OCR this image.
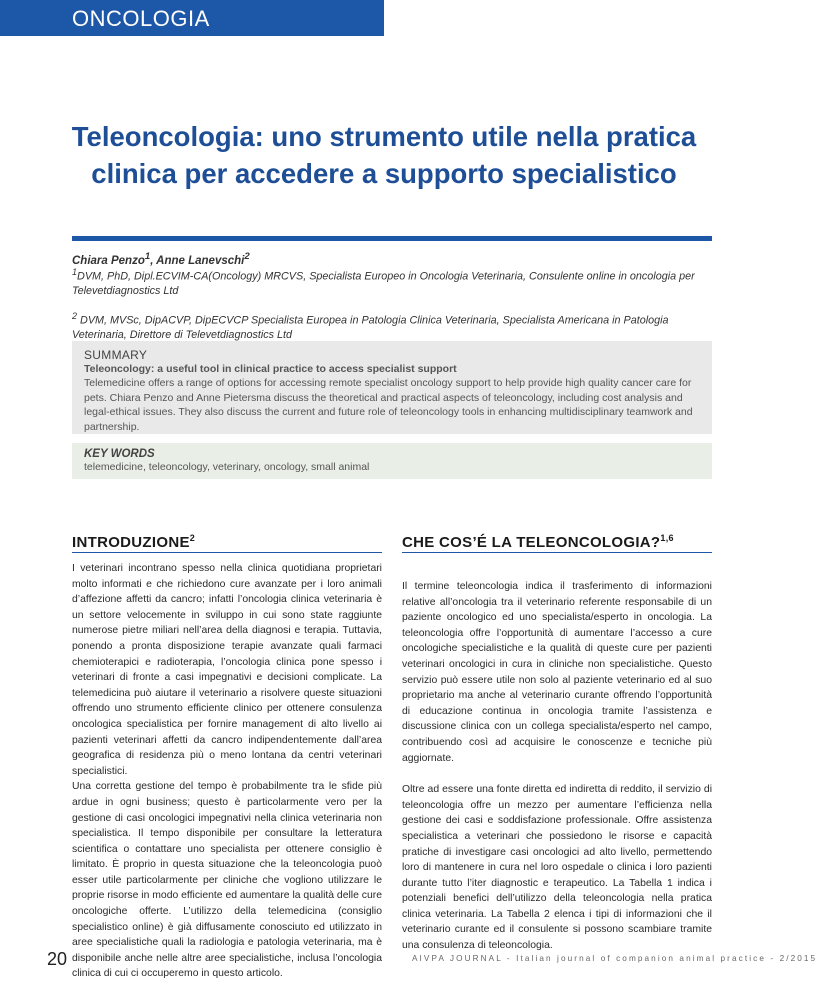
ONCOLOGIA
Teleoncologia: uno strumento utile nella pratica clinica per accedere a supporto specialistico
Chiara Penzo$^1$, Anne Lanevschi$^2$
$^1$DVM, PhD, Dipl.ECVIM-CA(Oncology) MRCVS, Specialista Europeo in Oncologia Veterinaria, Consulente online in oncologia per Televetdiagnostics Ltd
$^2$ DVM, MVSc, DipACVP, DipECVCP Specialista Europea in Patologia Clinica Veterinaria, Specialista Americana in Patologia Veterinaria, Direttore di Televetdiagnostics Ltd
SUMMARY
Teleoncology: a useful tool in clinical practice to access specialist support
Telemedicine offers a range of options for accessing remote specialist oncology support to help provide high quality cancer care for pets. Chiara Penzo and Anne Pietersma discuss the theoretical and practical aspects of teleoncology, including cost analysis and legal-ethical issues. They also discuss the current and future role of teleoncology tools in enhancing multidisciplinary teamwork and partnership.
KEY WORDS
telemedicine, teleoncology, veterinary, oncology, small animal
INTRODUZIONE$^2$

I veterinari incontrano spesso nella clinica quotidiana proprietari molto informati e che richiedono cure avanzate per i loro animali d’affezione affetti da cancro; infatti l’oncologia clinica veterinaria è un settore velocemente in sviluppo in cui sono state raggiunte numerose pietre miliari nell’area della diagnosi e terapia. Tuttavia, ponendo a pronta disposizione terapie avanzate quali farmaci chemioterapici e radioterapia, l’oncologia clinica pone spesso i veterinari di fronte a casi impegnativi e decisioni complicate. La telemedicina può aiutare il veterinario a risolvere queste situazioni offrendo uno strumento efficiente clinico per ottenere consulenza oncologica specialistica per fornire management di alto livello ai pazienti veterinari affetti da cancro indipendentemente dall’area geografica di residenza più o meno lontana da centri veterinari specialistici.

Una corretta gestione del tempo è probabilmente tra le sfide più ardue in ogni business; questo è particolarmente vero per la gestione di casi oncologici impegnativi nella clinica veterinaria non specialistica. Il tempo disponibile per consultare la letteratura scientifica o contattare uno specialista per ottenere consiglio è limitato. È proprio in questa situazione che la teleoncologia puoò esser utile particolarmente per cliniche che vogliono utilizzare le proprie risorse in modo efficiente ed aumentare la qualità delle cure oncologiche offerte. L’utilizzo della telemedicina (consiglio specialistico online) è già diffusamente conosciuto ed utilizzato in aree specialistiche quali la radiologia e patologia veterinaria, ma è disponibile anche nelle altre aree specialistiche, inclusa l’oncologia clinica di cui ci occuperemo in questo articolo.

CHE COS’É LA TELEONCOLOGIA?$^{1,6}$

Il termine teleoncologia indica il trasferimento di informazioni relative all’oncologia tra il veterinario referente responsabile di un paziente oncologico ed uno specialista/esperto in oncologia. La teleoncologia offre l’opportunità di aumentare l’accesso a cure oncologiche specialistiche e la qualità di queste cure per pazienti veterinari oncologici in cura in cliniche non specialistiche. Questo servizio può essere utile non solo al paziente veterinario ed al suo proprietario ma anche al veterinario curante offrendo l’opportunità di educazione continua in oncologia tramite l’assistenza e discussione clinica con un collega specialista/esperto nel campo, contribuendo così ad acquisire le conoscenze e tecniche più aggiornate.

Oltre ad essere una fonte diretta ed indiretta di reddito, il servizio di teleoncologia offre un mezzo per aumentare l’efficienza nella gestione dei casi e soddisfazione professionale. Offre assistenza specialistica a veterinari che possiedono le risorse e capacità pratiche di investigare casi oncologici ad alto livello, permettendo loro di mantenere in cura nel loro ospedale o clinica i loro pazienti durante tutto l’iter diagnostic e terapeutico. La Tabella 1 indica i potenziali benefici dell’utilizzo della teleoncologia nella pratica clinica veterinaria. La Tabella 2 elenca i tipi di informazioni che il veterinario curante ed il consulente si possono scambiare tramite una consulenza di teleoncologia.

20	AIVPA JOURNAL - Italian journal of companion animal practice - 2/2015
